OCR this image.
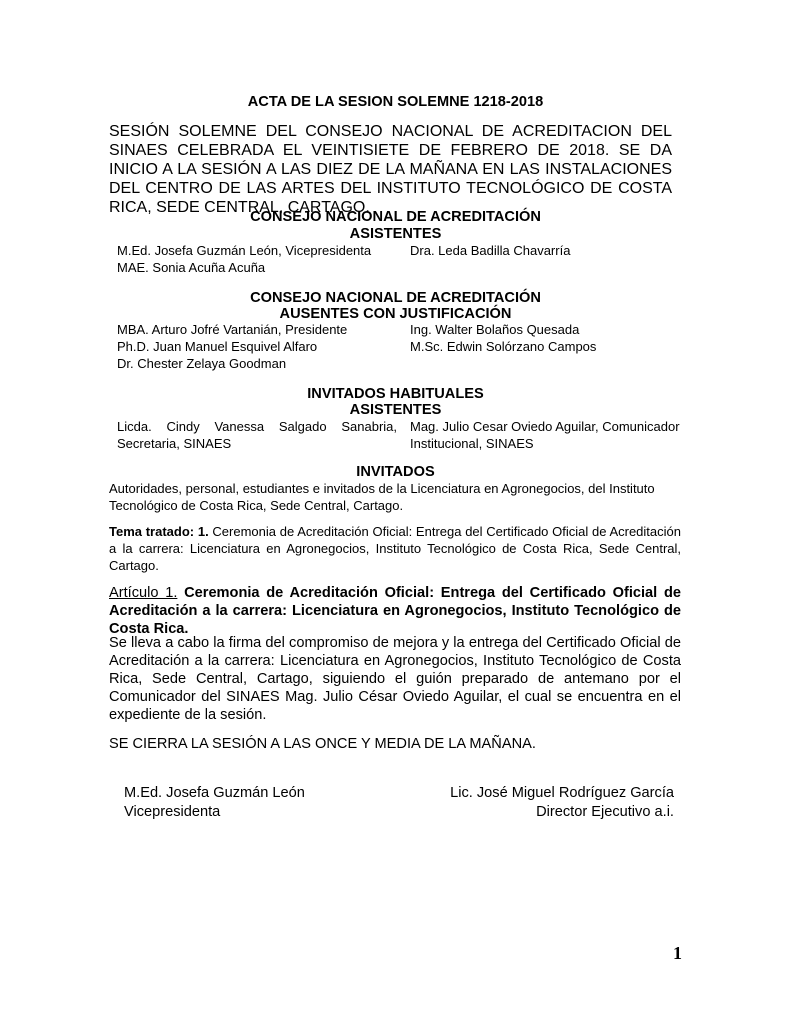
ACTA DE LA SESION SOLEMNE 1218-2018
SESIÓN SOLEMNE DEL CONSEJO NACIONAL DE ACREDITACION DEL SINAES CELEBRADA EL VEINTISIETE DE FEBRERO DE 2018. SE DA INICIO A LA SESIÓN A LAS DIEZ DE LA MAÑANA EN LAS INSTALACIONES DEL CENTRO DE LAS ARTES DEL INSTITUTO TECNOLÓGICO DE COSTA RICA, SEDE CENTRAL, CARTAGO.
CONSEJO NACIONAL DE ACREDITACIÓN
ASISTENTES
M.Ed. Josefa Guzmán León, Vicepresidenta
MAE. Sonia Acuña Acuña
Dra. Leda Badilla Chavarría
CONSEJO NACIONAL DE ACREDITACIÓN
AUSENTES CON JUSTIFICACIÓN
MBA. Arturo Jofré Vartanián, Presidente
Ph.D. Juan Manuel Esquivel Alfaro
Dr. Chester Zelaya Goodman
Ing. Walter Bolaños Quesada
M.Sc. Edwin Solórzano Campos
INVITADOS HABITUALES
ASISTENTES
Licda. Cindy Vanessa Salgado Sanabria, Secretaria, SINAES
Mag. Julio Cesar Oviedo Aguilar, Comunicador Institucional, SINAES
INVITADOS
Autoridades, personal, estudiantes e invitados de la Licenciatura en Agronegocios, del Instituto Tecnológico de Costa Rica, Sede Central, Cartago.
Tema tratado: 1. Ceremonia de Acreditación Oficial: Entrega del Certificado Oficial de Acreditación a la carrera: Licenciatura en Agronegocios, Instituto Tecnológico de Costa Rica, Sede Central, Cartago.
Artículo 1. Ceremonia de Acreditación Oficial: Entrega del Certificado Oficial de Acreditación a la carrera: Licenciatura en Agronegocios, Instituto Tecnológico de Costa Rica.
Se lleva a cabo la firma del compromiso de mejora y la entrega del Certificado Oficial de Acreditación a la carrera: Licenciatura en Agronegocios, Instituto Tecnológico de Costa Rica, Sede Central, Cartago, siguiendo el guión preparado de antemano por el Comunicador del SINAES Mag. Julio César Oviedo Aguilar, el cual se encuentra en el expediente de la sesión.
SE CIERRA LA SESIÓN A LAS ONCE Y MEDIA DE LA MAÑANA.
M.Ed. Josefa Guzmán León
Vicepresidenta
Lic. José Miguel Rodríguez García
Director Ejecutivo a.i.
1
